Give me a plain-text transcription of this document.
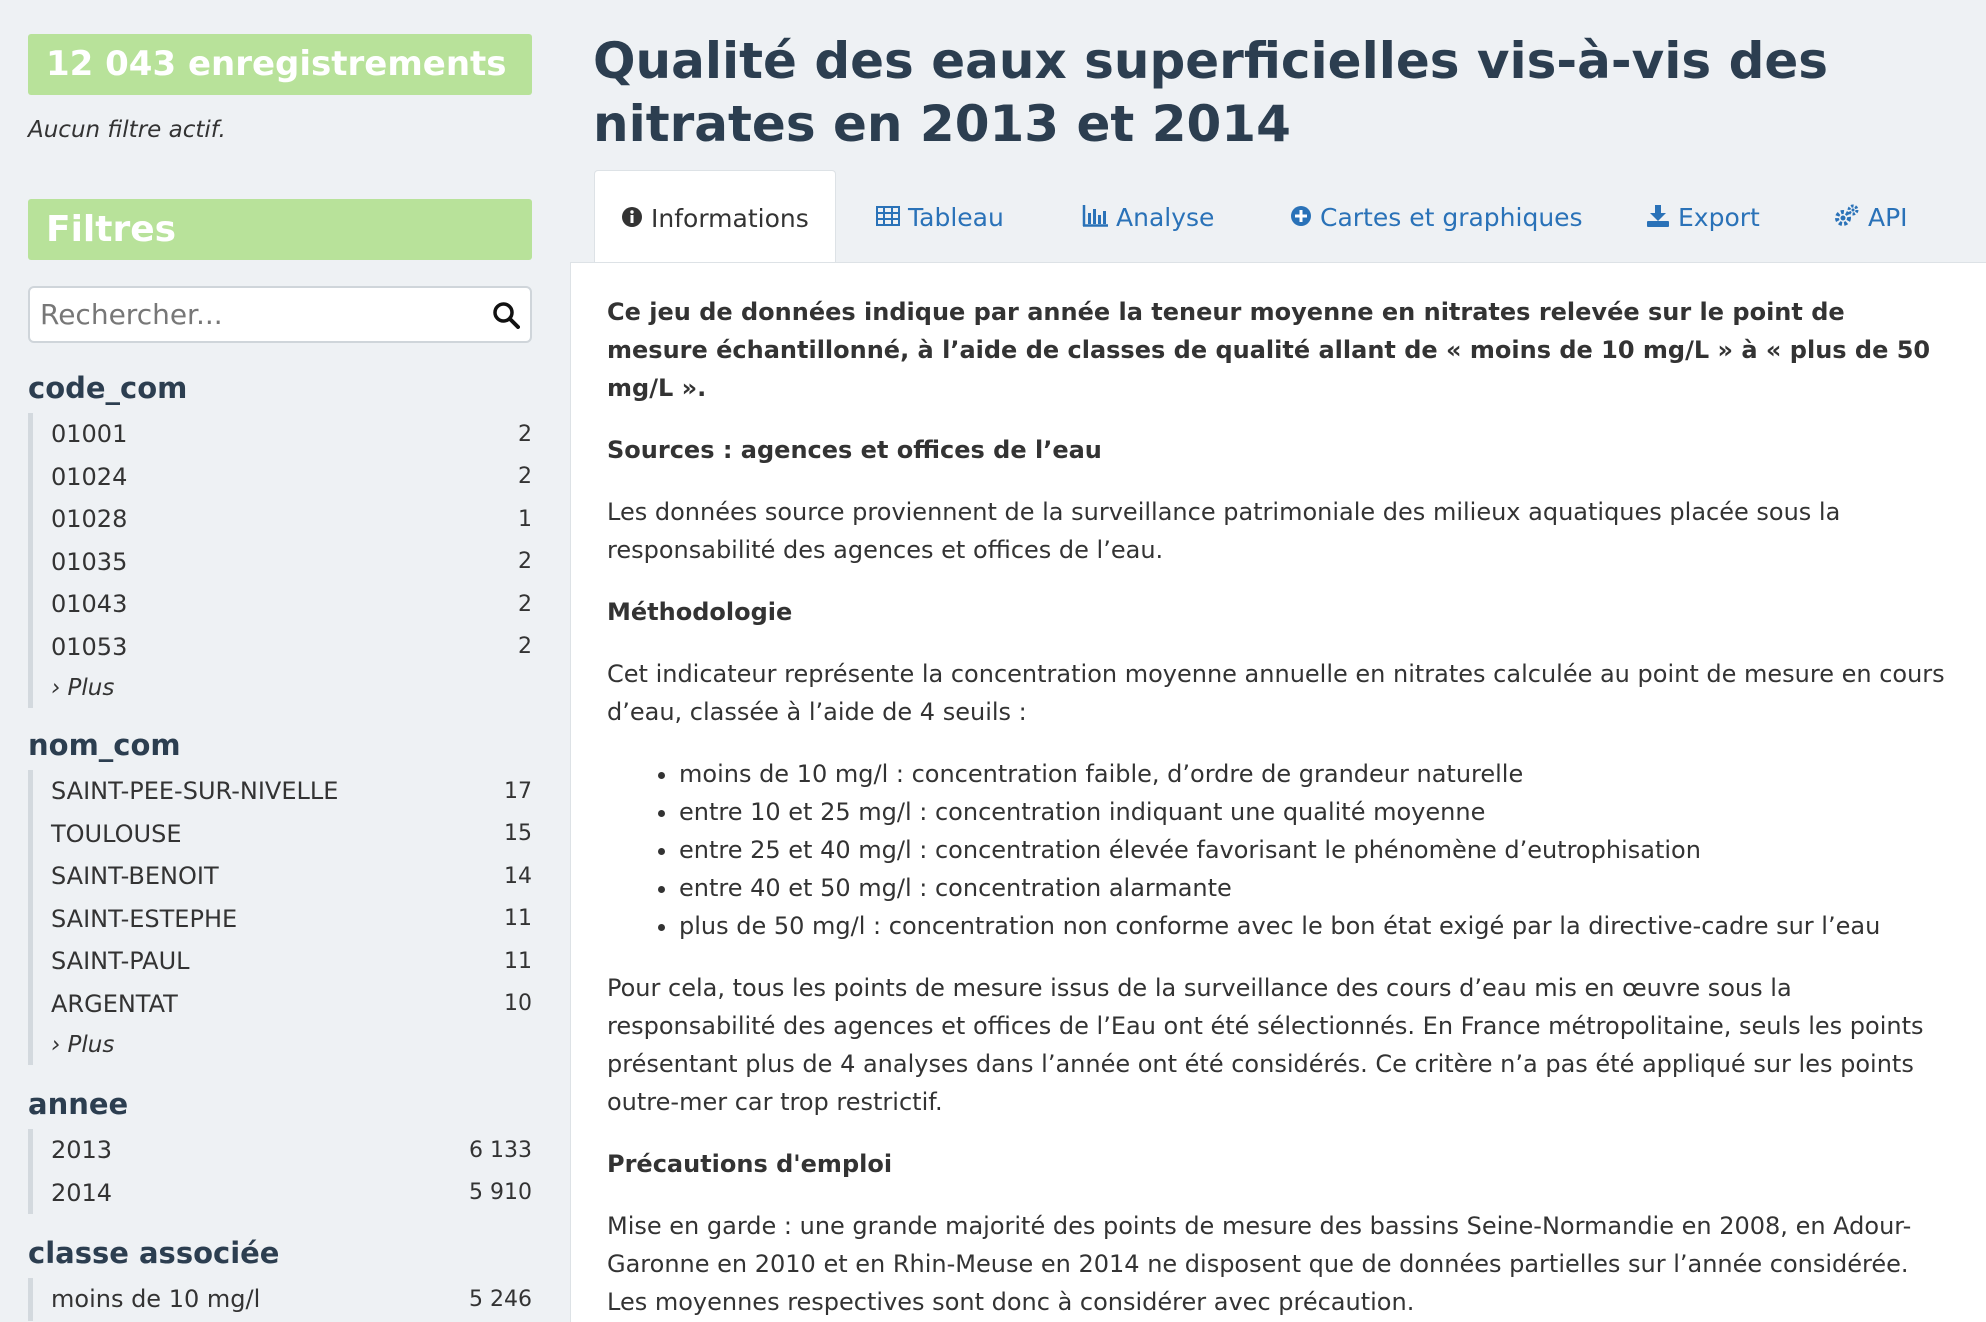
12 043 enregistrements
Aucun filtre actif.
Filtres
Rechercher...
code_com
01001	2
01024	2
01028	1
01035	2
01043	2
01053	2
› Plus
nom_com
SAINT-PEE-SUR-NIVELLE	17
TOULOUSE	15
SAINT-BENOIT	14
SAINT-ESTEPHE	11
SAINT-PAUL	11
ARGENTAT	10
› Plus
annee
2013	6 133
2014	5 910
classe associée
moins de 10 mg/l	5 246
Qualité des eaux superficielles vis-à-vis des nitrates en 2013 et 2014
Informations	Tableau	Analyse	Cartes et graphiques	Export	API

Ce jeu de données indique par année la teneur moyenne en nitrates relevée sur le point de mesure échantillonné, à l’aide de classes de qualité allant de « moins de 10 mg/L » à « plus de 50 mg/L ».

Sources : agences et offices de l’eau

Les données source proviennent de la surveillance patrimoniale des milieux aquatiques placée sous la responsabilité des agences et offices de l’eau.

Méthodologie

Cet indicateur représente la concentration moyenne annuelle en nitrates calculée au point de mesure en cours d’eau, classée à l’aide de 4 seuils :

• moins de 10 mg/l : concentration faible, d’ordre de grandeur naturelle
• entre 10 et 25 mg/l : concentration indiquant une qualité moyenne
• entre 25 et 40 mg/l : concentration élevée favorisant le phénomène d’eutrophisation
• entre 40 et 50 mg/l : concentration alarmante
• plus de 50 mg/l : concentration non conforme avec le bon état exigé par la directive-cadre sur l’eau

Pour cela, tous les points de mesure issus de la surveillance des cours d’eau mis en œuvre sous la responsabilité des agences et offices de l’Eau ont été sélectionnés. En France métropolitaine, seuls les points présentant plus de 4 analyses dans l’année ont été considérés. Ce critère n’a pas été appliqué sur les points outre-mer car trop restrictif.

Précautions d'emploi

Mise en garde : une grande majorité des points de mesure des bassins Seine-Normandie en 2008, en Adour-Garonne en 2010 et en Rhin-Meuse en 2014 ne disposent que de données partielles sur l’année considérée. Les moyennes respectives sont donc à considérer avec précaution.
